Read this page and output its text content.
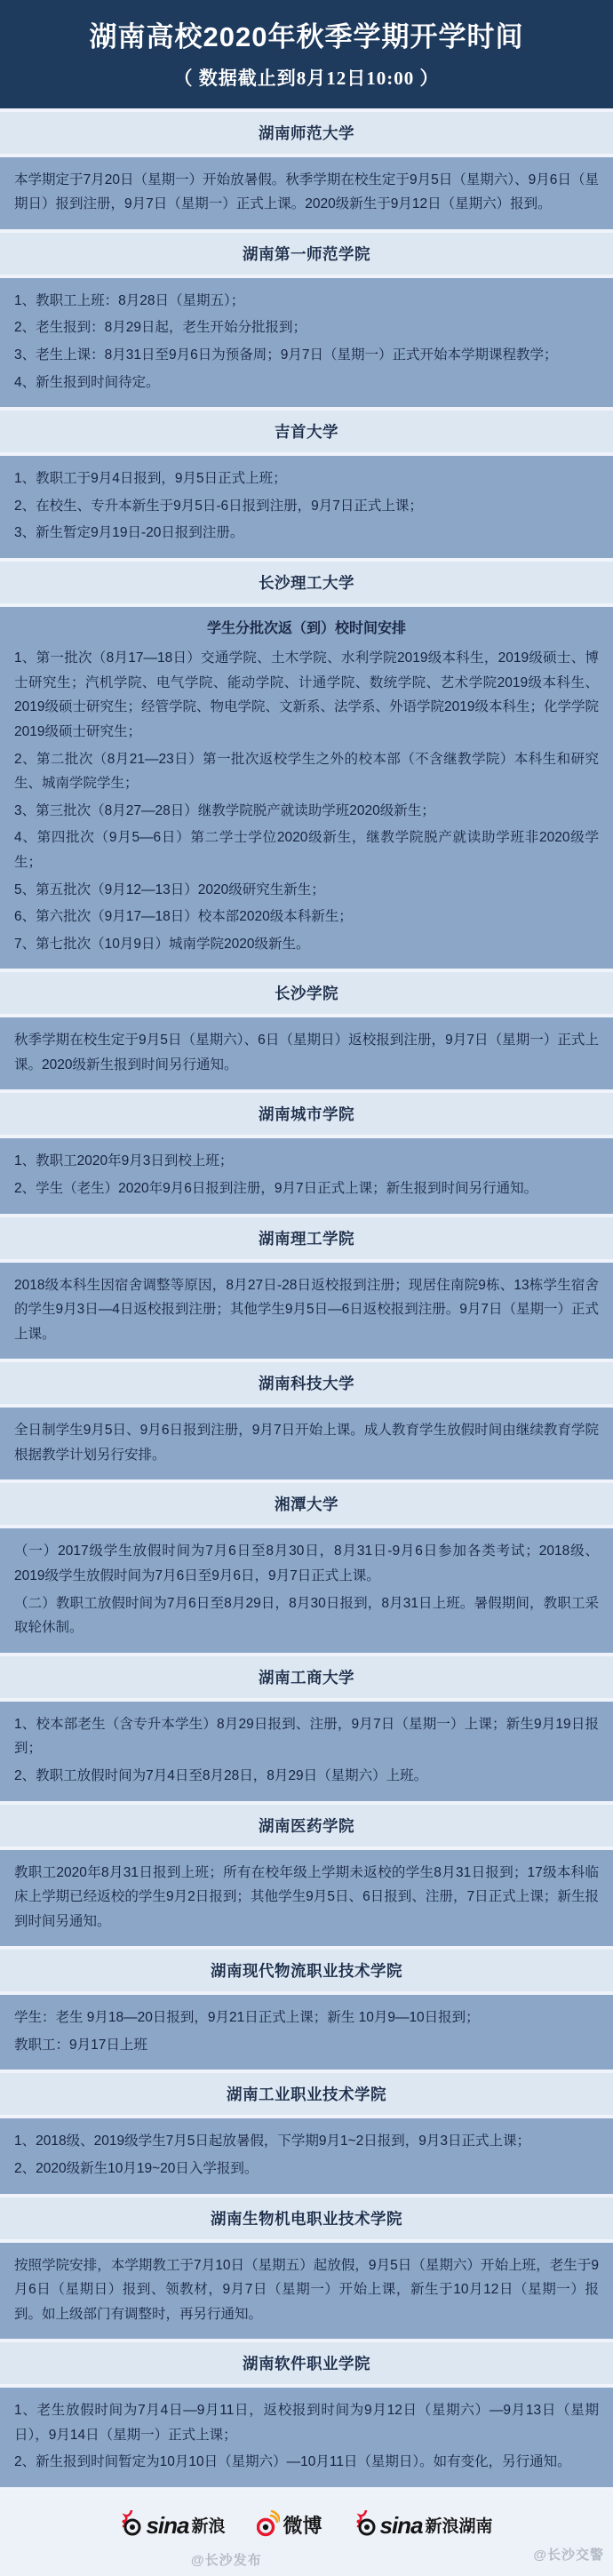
湖南高校2020年秋季学期开学时间
（ 数据截止到8月12日10:00 ）
湖南师范大学

本学期定于7月20日（星期一）开始放暑假。秋季学期在校生定于9月5日（星期六）、9月6日（星期日）报到注册，9月7日（星期一）正式上课。2020级新生于9月12日（星期六）报到。

湖南第一师范学院

1、教职工上班：8月28日（星期五）；

2、老生报到：8月29日起，老生开始分批报到；

3、老生上课：8月31日至9月6日为预备周；9月7日（星期一）正式开始本学期课程教学；

4、新生报到时间待定。

吉首大学

1、教职工于9月4日报到，9月5日正式上班；

2、在校生、专升本新生于9月5日-6日报到注册，9月7日正式上课；

3、新生暂定9月19日-20日报到注册。

长沙理工大学
学生分批次返（到）校时间安排

1、第一批次（8月17—18日）交通学院、土木学院、水利学院2019级本科生，2019级硕士、博士研究生；汽机学院、电气学院、能动学院、计通学院、数统学院、艺术学院2019级本科生、2019级硕士研究生；经管学院、物电学院、文新系、法学系、外语学院2019级本科生；化学学院2019级硕士研究生；

2、第二批次（8月21—23日）第一批次返校学生之外的校本部（不含继教学院）本科生和研究生、城南学院学生；

3、第三批次（8月27—28日）继教学院脱产就读助学班2020级新生；

4、第四批次（9月5—6日）第二学士学位2020级新生，继教学院脱产就读助学班非2020级学生；

5、第五批次（9月12—13日）2020级研究生新生；

6、第六批次（9月17—18日）校本部2020级本科新生；

7、第七批次（10月9日）城南学院2020级新生。

长沙学院

秋季学期在校生定于9月5日（星期六）、6日（星期日）返校报到注册，9月7日（星期一）正式上课。2020级新生报到时间另行通知。

湖南城市学院

1、教职工2020年9月3日到校上班；

2、学生（老生）2020年9月6日报到注册，9月7日正式上课；新生报到时间另行通知。

湖南理工学院

2018级本科生因宿舍调整等原因，8月27日-28日返校报到注册；现居住南院9栋、13栋学生宿舍的学生9月3日—4日返校报到注册；其他学生9月5日—6日返校报到注册。9月7日（星期一）正式上课。

湖南科技大学

全日制学生9月5日、9月6日报到注册，9月7日开始上课。成人教育学生放假时间由继续教育学院根据教学计划另行安排。

湘潭大学

（一）2017级学生放假时间为7月6日至8月30日，8月31日-9月6日参加各类考试；2018级、2019级学生放假时间为7月6日至9月6日，9月7日正式上课。

（二）教职工放假时间为7月6日至8月29日，8月30日报到，8月31日上班。暑假期间，教职工采取轮休制。

湖南工商大学

1、校本部老生（含专升本学生）8月29日报到、注册，9月7日（星期一）上课；新生9月19日报到；

2、教职工放假时间为7月4日至8月28日，8月29日（星期六）上班。

湖南医药学院

教职工2020年8月31日报到上班；所有在校年级上学期未返校的学生8月31日报到；17级本科临床上学期已经返校的学生9月2日报到；其他学生9月5日、6日报到、注册，7日正式上课；新生报到时间另通知。

湖南现代物流职业技术学院

学生：老生 9月18—20日报到，9月21日正式上课；新生 10月9—10日报到；

教职工：9月17日上班

湖南工业职业技术学院

1、2018级、2019级学生7月5日起放暑假，下学期9月1~2日报到，9月3日正式上课；

2、2020级新生10月19~20日入学报到。

湖南生物机电职业技术学院

按照学院安排，本学期教工于7月10日（星期五）起放假，9月5日（星期六）开始上班，老生于9月6日（星期日）报到、领教材，9月7日（星期一）开始上课，新生于10月12日（星期一）报到。如上级部门有调整时，再另行通知。

湖南软件职业学院

1、老生放假时间为7月4日—9月11日，返校报到时间为9月12日（星期六）—9月13日（星期日），9月14日（星期一）正式上课；

2、新生报到时间暂定为10月10日（星期六）—10月11日（星期日）。如有变化，另行通知。

sina 新浪	微博	sina 新浪湖南
@长沙发布	@长沙交警
